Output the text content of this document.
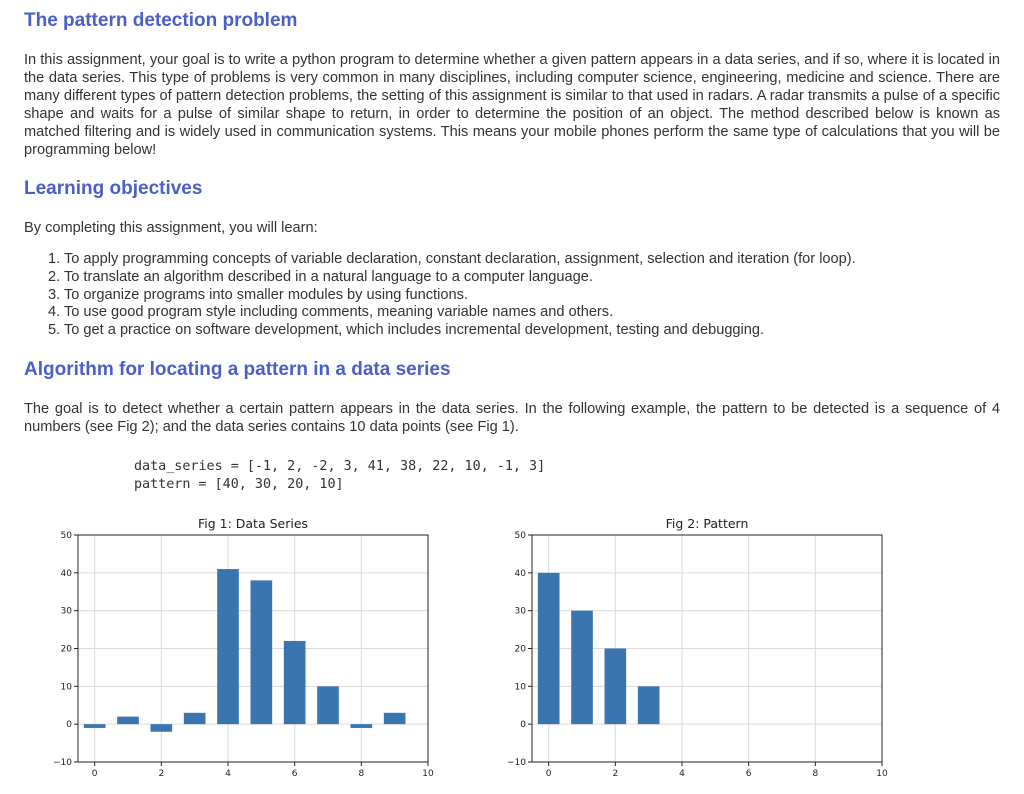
The pattern detection problem

In this assignment, your goal is to write a python program to determine whether a given pattern appears in a data series, and if so, where it is located in the data series. This type of problems is very common in many disciplines, including computer science, engineering, medicine and science. There are many different types of pattern detection problems, the setting of this assignment is similar to that used in radars. A radar transmits a pulse of a specific shape and waits for a pulse of similar shape to return, in order to determine the position of an object. The method described below is known as matched filtering and is widely used in communication systems. This means your mobile phones perform the same type of calculations that you will be programming below!

Learning objectives

By completing this assignment, you will learn:

1. To apply programming concepts of variable declaration, constant declaration, assignment, selection and iteration (for loop).
2. To translate an algorithm described in a natural language to a computer language.
3. To organize programs into smaller modules by using functions.
4. To use good program style including comments, meaning variable names and others.
5. To get a practice on software development, which includes incremental development, testing and debugging.
Algorithm for locating a pattern in a data series

The goal is to detect whether a certain pattern appears in the data series. In the following example, the pattern to be detected is a sequence of 4 numbers (see Fig 2); and the data series contains 10 data points (see Fig 1).

data_series = [-1, 2, -2, 3, 41, 38, 22, 10, -1, 3]
pattern = [40, 30, 20, 10]
0	2	4	6	8	10
−10
0
10
20
30
40
50
Fig 1: Data Series
0	2	4	6	8	10
−10
0
10
20
30
40
50
Fig 2: Pattern
